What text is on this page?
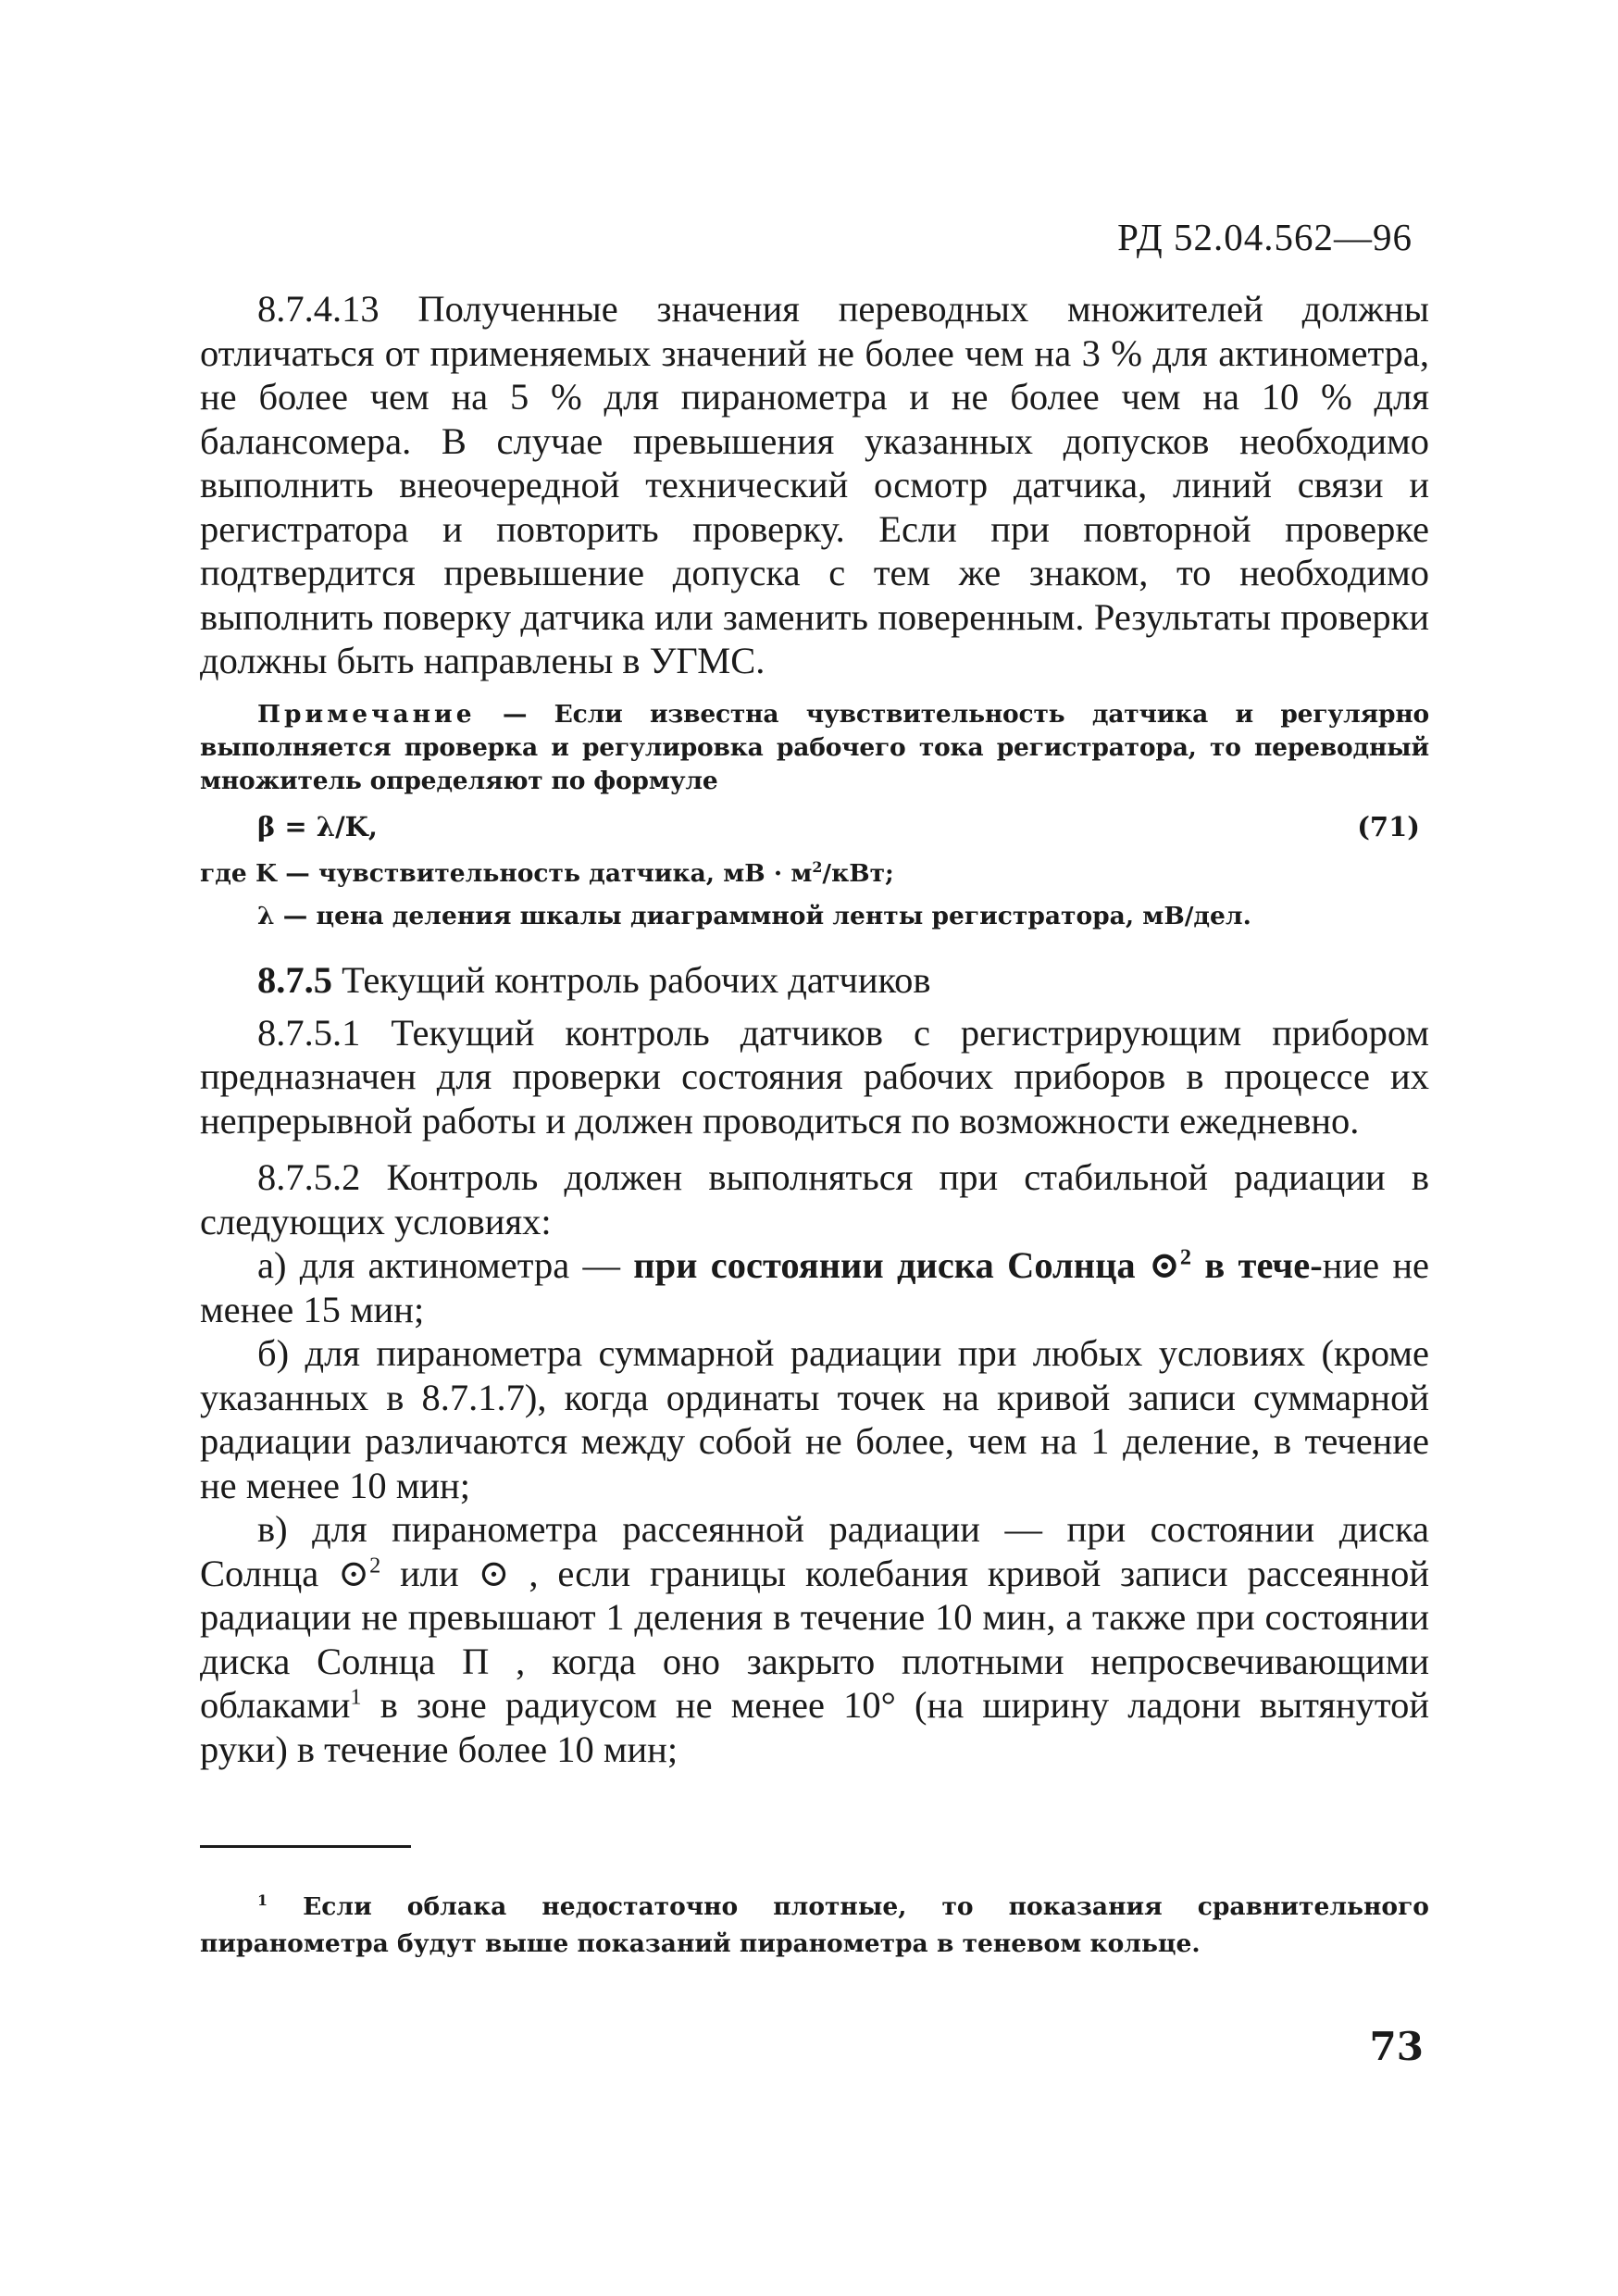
РД 52.04.562—96

8.7.4.13 Полученные значения переводных множителей должны отличаться от применяемых значений не более чем на 3 % для актинометра, не более чем на 5 % для пиранометра и не более чем на 10 % для балансомера. В случае превышения указанных допусков необходимо выполнить внеочередной технический осмотр датчика, линий связи и регистратора и повторить проверку. Если при повторной проверке подтвердится превышение допуска с тем же знаком, то необходимо выполнить поверку датчика или заменить поверенным. Результаты проверки должны быть направлены в УГМС.

Примечание — Если известна чувствительность датчика и регулярно выполняется проверка и регулировка рабочего тока регистратора, то переводный множитель определяют по формуле

β = λ/K,	(71)

где K — чувствительность датчика, мВ · $м^2$/кВт;

λ — цена деления шкалы диаграммной ленты регистратора, мВ/дел.

8.7.5 Текущий контроль рабочих датчиков

8.7.5.1 Текущий контроль датчиков с регистрирующим прибором предназначен для проверки состояния рабочих приборов в процессе их непрерывной работы и должен проводиться по возможности ежедневно.

8.7.5.2 Контроль должен выполняться при стабильной радиации в следующих условиях:

а) для актинометра — при состоянии диска Солнца ⊙$^2$ в тече-ние не менее 15 мин;

б) для пиранометра суммарной радиации при любых условиях (кроме указанных в 8.7.1.7), когда ординаты точек на кривой записи суммарной радиации различаются между собой не более, чем на 1 деление, в течение не менее 10 мин;

в) для пиранометра рассеянной радиации — при состоянии диска Солнца ⊙$^2$ или ⊙ , если границы колебания кривой записи рассеянной радиации не превышают 1 деления в течение 10 мин, а также при состоянии диска Солнца П , когда оно закрыто плотными непросвечивающими облаками$^1$ в зоне радиусом не менее 10° (на ширину ладони вытянутой руки) в течение более 10 мин;

$^1$ Если облака недостаточно плотные, то показания сравнительного пиранометра будут выше показаний пиранометра в теневом кольце.

73
